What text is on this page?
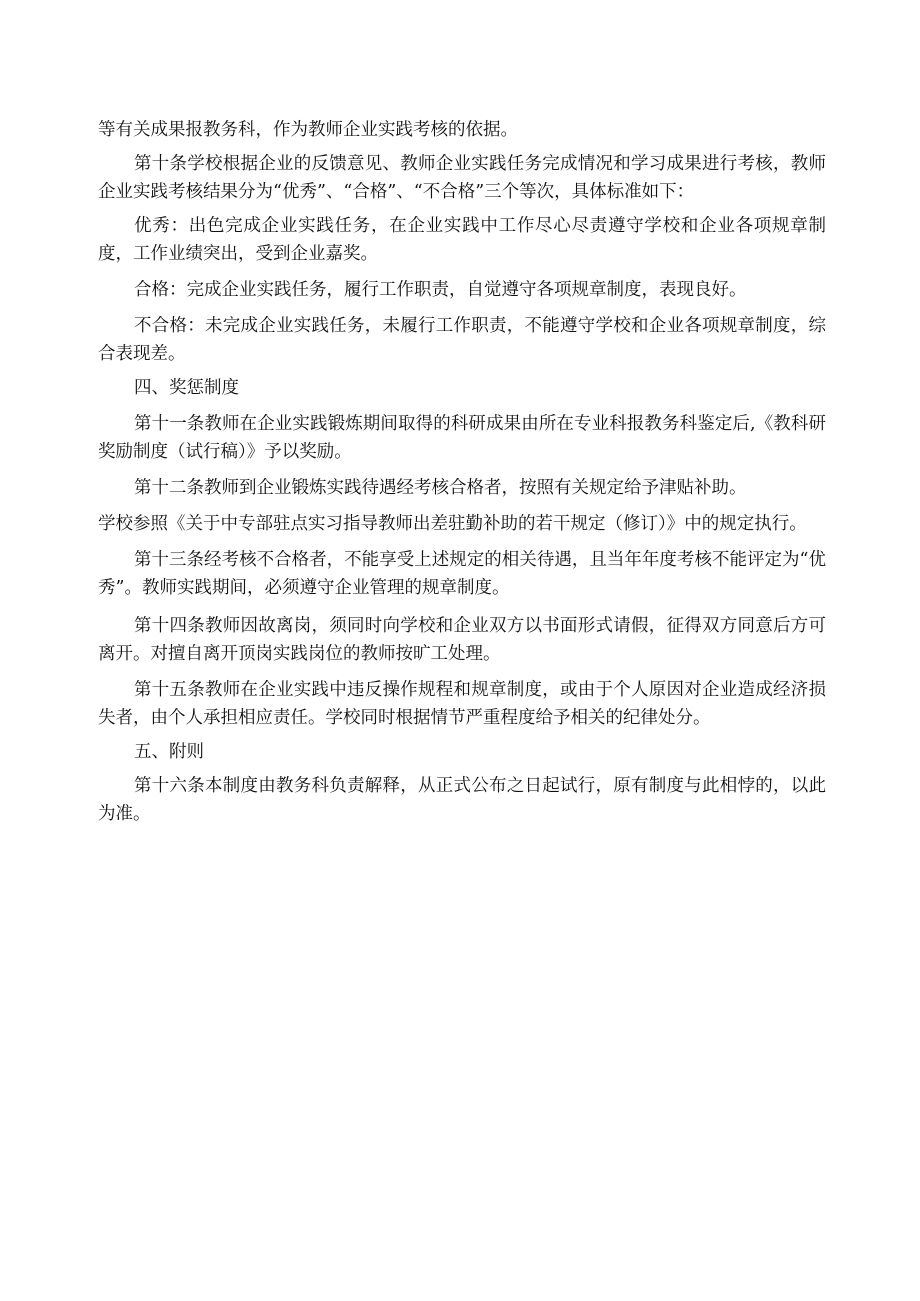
等有关成果报教务科，作为教师企业实践考核的依据。

第十条学校根据企业的反馈意见、教师企业实践任务完成情况和学习成果进行考核，教师企业实践考核结果分为“优秀”、“合格”、“不合格”三个等次，具体标准如下：

优秀：出色完成企业实践任务，在企业实践中工作尽心尽责遵守学校和企业各项规章制度，工作业绩突出，受到企业嘉奖。

合格：完成企业实践任务，履行工作职责，自觉遵守各项规章制度，表现良好。

不合格：未完成企业实践任务，未履行工作职责，不能遵守学校和企业各项规章制度，综合表现差。

四、奖惩制度

第十一条教师在企业实践锻炼期间取得的科研成果由所在专业科报教务科鉴定后,《教科研奖励制度（试行稿）》予以奖励。

第十二条教师到企业锻炼实践待遇经考核合格者，按照有关规定给予津贴补助。

学校参照《关于中专部驻点实习指导教师出差驻勤补助的若干规定（修订）》中的规定执行。

第十三条经考核不合格者，不能享受上述规定的相关待遇，且当年年度考核不能评定为“优秀”。教师实践期间，必须遵守企业管理的规章制度。

第十四条教师因故离岗，须同时向学校和企业双方以书面形式请假，征得双方同意后方可离开。对擅自离开顶岗实践岗位的教师按旷工处理。

第十五条教师在企业实践中违反操作规程和规章制度，或由于个人原因对企业造成经济损失者，由个人承担相应责任。学校同时根据情节严重程度给予相关的纪律处分。

五、附则

第十六条本制度由教务科负责解释，从正式公布之日起试行，原有制度与此相悖的，以此为准。
